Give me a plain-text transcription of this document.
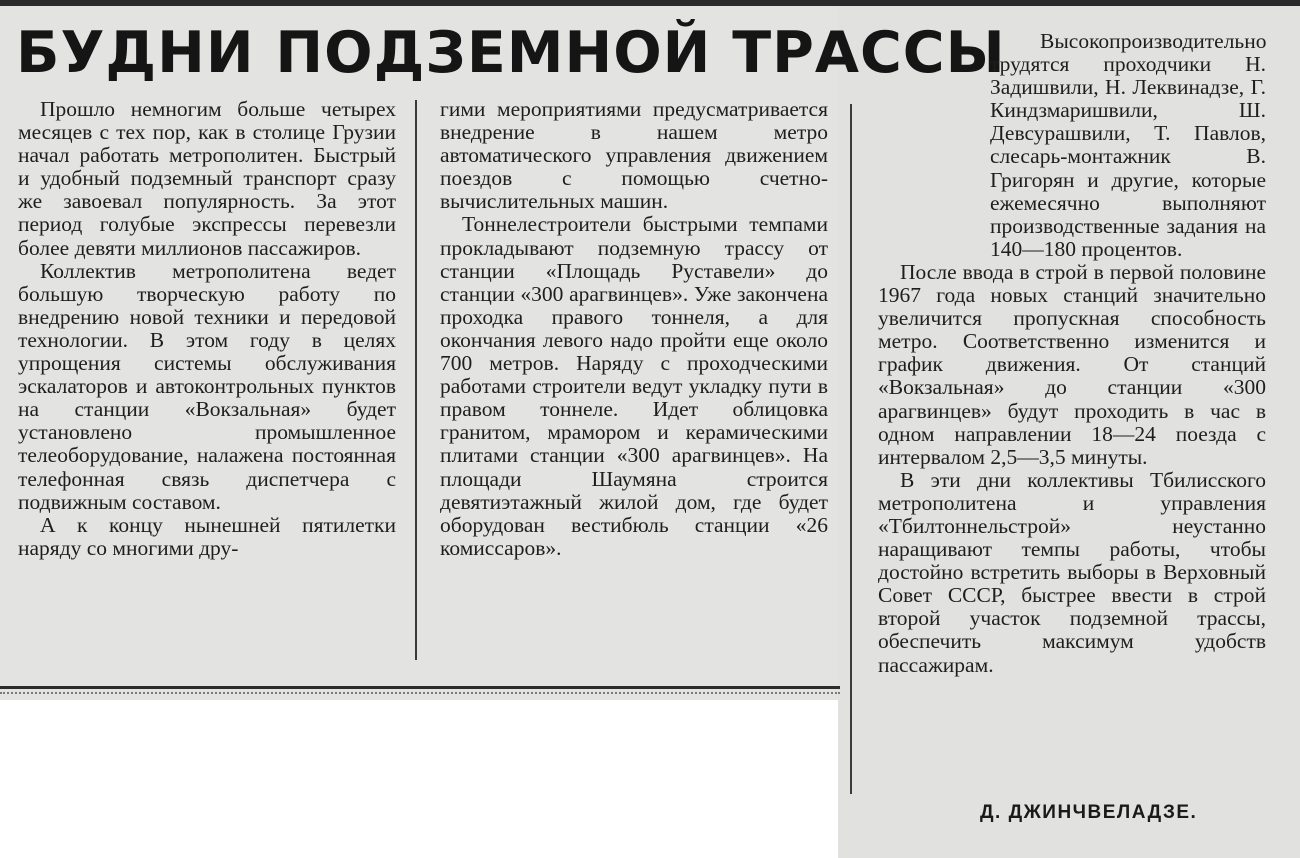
БУДНИ ПОДЗЕМНОЙ ТРАССЫ

Прошло немногим больше четырех месяцев с тех пор, как в столице Грузии начал работать метрополитен. Быстрый и удобный подземный транспорт сразу же завоевал популярность. За этот период голубые экспрессы перевезли более девяти миллионов пассажиров.

Коллектив метрополитена ведет большую творческую работу по внедрению новой техники и передовой технологии. В этом году в целях упрощения системы обслуживания эскалаторов и автоконтрольных пунктов на станции «Вокзальная» будет установлено промышленное телеоборудование, налажена постоянная телефонная связь диспетчера с подвижным составом.

А к концу нынешней пятилетки наряду со многими дру-

гими мероприятиями предусматривается внедрение в нашем метро автоматического управления движением поездов с помощью счетно-вычислительных машин.

Тоннелестроители быстрыми темпами прокладывают подземную трассу от станции «Площадь Руставели» до станции «300 арагвинцев». Уже закончена проходка правого тоннеля, а для окончания левого надо пройти еще около 700 метров. Наряду с проходческими работами строители ведут укладку пути в правом тоннеле. Идет облицовка гранитом, мрамором и керамическими плитами станции «300 арагвинцев». На площади Шаумяна строится девятиэтажный жилой дом, где будет оборудован вестибюль станции «26 комиссаров».

Высокопроизводительно трудятся проходчики Н. Задишвили, Н. Леквинадзе, Г. Киндзмаришвили, Ш. Девсурашвили, Т. Павлов, слесарь-монтажник В. Григорян и другие, которые ежемесячно выполняют производственные задания на 140—180 процентов.

После ввода в строй в первой половине 1967 года новых станций значительно увеличится пропускная способность метро. Соответственно изменится и график движения. От станций «Вокзальная» до станции «300 арагвинцев» будут проходить в час в одном направлении 18—24 поезда с интервалом 2,5—3,5 минуты.

В эти дни коллективы Тбилисского метрополитена и управления «Тбилтоннельстрой» неустанно наращивают темпы работы, чтобы достойно встретить выборы в Верховный Совет СССР, быстрее ввести в строй второй участок подземной трассы, обеспечить максимум удобств пассажирам.

Д. ДЖИНЧВЕЛАДЗЕ.
